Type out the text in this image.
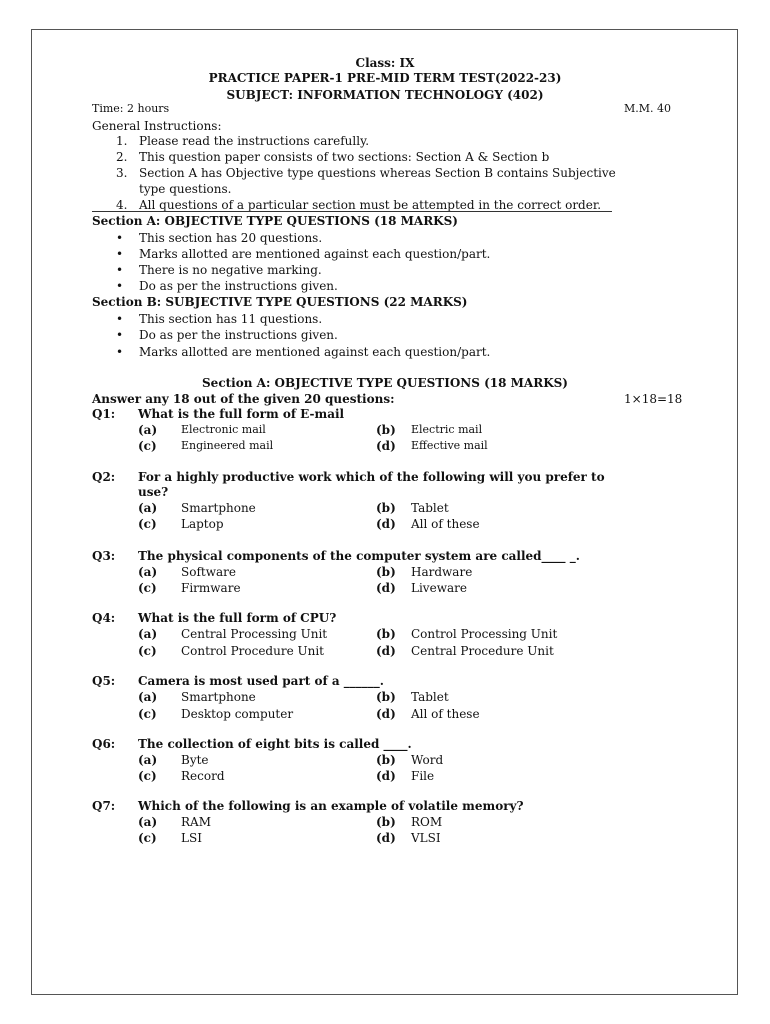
Class: IX
PRACTICE PAPER-1 PRE-MID TERM TEST(2022-23)
SUBJECT: INFORMATION TECHNOLOGY (402)
Time: 2 hours	M.M. 40
General Instructions:
1. Please read the instructions carefully.
2. This question paper consists of two sections: Section A & Section b
3. Section A has Objective type questions whereas Section B contains Subjective
type questions.
4. All questions of a particular section must be attempted in the correct order.
Section A: OBJECTIVE TYPE QUESTIONS (18 MARKS)
• This section has 20 questions.
• Marks allotted are mentioned against each question/part.
• There is no negative marking.
• Do as per the instructions given.
Section B: SUBJECTIVE TYPE QUESTIONS (22 MARKS)
• This section has 11 questions.
• Do as per the instructions given.
• Marks allotted are mentioned against each question/part.
Section A: OBJECTIVE TYPE QUESTIONS (18 MARKS)
Answer any 18 out of the given 20 questions:	1×18=18
Q1: What is the full form of E-mail
(a) Electronic mail	(b) Electric mail
(c) Engineered mail	(d) Effective mail
Q2: For a highly productive work which of the following will you prefer to
use?
(a) Smartphone	(b) Tablet
(c) Laptop	(d) All of these
Q3: The physical components of the computer system are called____ _.
(a) Software	(b) Hardware
(c) Firmware	(d) Liveware
Q4: What is the full form of CPU?
(a) Central Processing Unit	(b) Control Processing Unit
(c) Control Procedure Unit	(d) Central Procedure Unit
Q5: Camera is most used part of a ______.
(a) Smartphone	(b) Tablet
(c) Desktop computer	(d) All of these
Q6: The collection of eight bits is called ____.
(a) Byte	(b) Word
(c) Record	(d) File
Q7: Which of the following is an example of volatile memory?
(a) RAM	(b) ROM
(c) LSI	(d) VLSI
